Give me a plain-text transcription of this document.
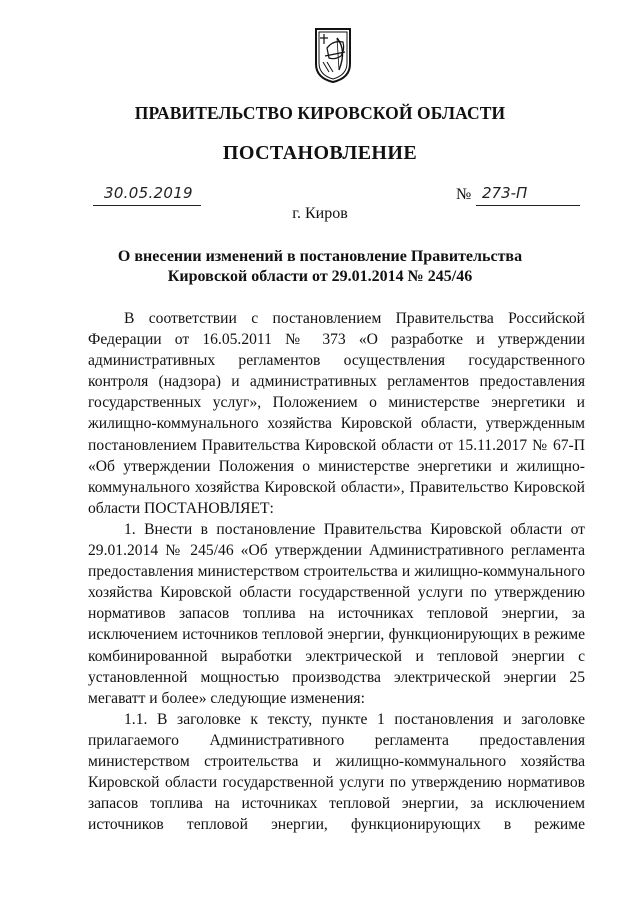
ПРАВИТЕЛЬСТВО КИРОВСКОЙ ОБЛАСТИ
ПОСТАНОВЛЕНИЕ
30.05.2019	№ 273-П
г. Киров
О внесении изменений в постановление Правительства
Кировской области от 29.01.2014 № 245/46

В соответствии с постановлением Правительства Российской Федерации от 16.05.2011 № 373 «О разработке и утверждении административных регламентов осуществления государственного контроля (надзора) и административных регламентов предоставления государственных услуг», Положением о министерстве энергетики и жилищно-коммунального хозяйства Кировской области, утвержденным постановлением Правительства Кировской области от 15.11.2017 № 67-П «Об утверждении Положения о министерстве энергетики и жилищно-коммунального хозяйства Кировской области», Правительство Кировской области ПОСТАНОВЛЯЕТ:

1. Внести в постановление Правительства Кировской области от 29.01.2014 № 245/46 «Об утверждении Административного регламента предоставления министерством строительства и жилищно-коммунального хозяйства Кировской области государственной услуги по утверждению нормативов запасов топлива на источниках тепловой энергии, за исключением источников тепловой энергии, функционирующих в режиме комбинированной выработки электрической и тепловой энергии с установленной мощностью производства электрической энергии 25 мегаватт и более» следующие изменения:

1.1. В заголовке к тексту, пункте 1 постановления и заголовке прилагаемого Административного регламента предоставления министерством строительства и жилищно-коммунального хозяйства Кировской области государственной услуги по утверждению нормативов запасов топлива на источниках тепловой энергии, за исключением источников тепловой энергии, функционирующих в режиме
